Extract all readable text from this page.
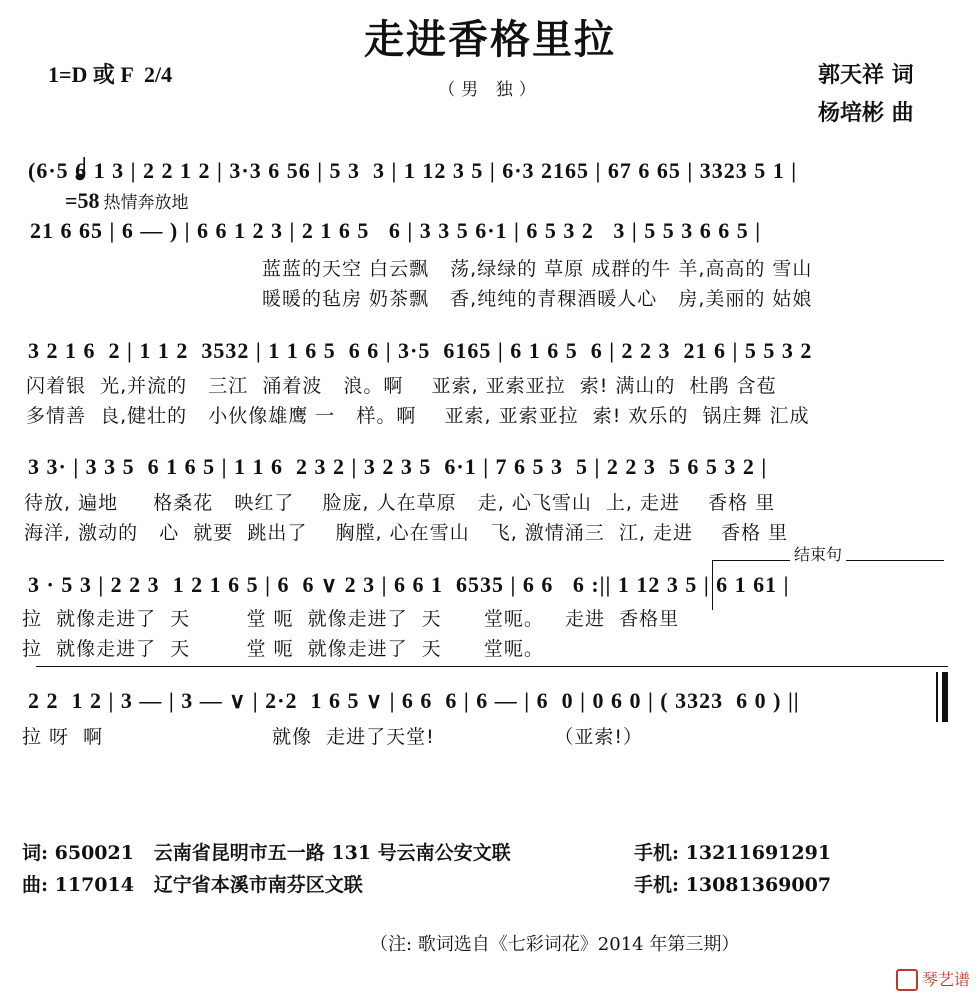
走进香格里拉
（男 独）
1=D 或 F  2/4

=58 热情奔放地

郭天祥 词
杨培彬 曲
(6·5 6 1 3 | 2 2 1 2 | 3·3 6 56 | 5 3  3 | 1 12 3 5 | 6·3 2165 | 67 6 65 | 3323 5 1 |
21 6 65 | 6 — ) | 6 6 1 2 3 | 2 1 6 5   6 | 3 3 5 6·1 | 6 5 3 2   3 | 5 5 3 6 6 5 |
蓝蓝的天空 白云飘   荡,绿绿的 草原 成群的牛 羊,高高的 雪山
暖暖的毡房 奶茶飘   香,纯纯的青稞酒暖人心   房,美丽的 姑娘
3 2 1 6  2 | 1 1 2  3532 | 1 1 6 5  6 6 | 3·5  6165 | 6 1 6 5  6 | 2 2 3  21 6 | 5 5 3 2
闪着银  光,并流的   三江  涌着波   浪。啊    亚索, 亚索亚拉  索! 满山的  杜鹃 含苞
多情善  良,健壮的   小伙像雄鹰 一   样。啊    亚索, 亚索亚拉  索! 欢乐的  锅庄舞 汇成
3 3· | 3 3 5  6 1 6 5 | 1 1 6  2 3 2 | 3 2 3 5  6·1 | 7 6 5 3  5 | 2 2 3  5 6 5 3 2 |
待放, 遍地     格桑花   映红了    脸庞, 人在草原   走, 心飞雪山  上, 走进    香格 里
海洋, 激动的   心  就要  跳出了    胸膛, 心在雪山   飞, 激情涌三  江, 走进    香格 里
结束句
3 · 5 3 | 2 2 3  1 2 1 6 5 | 6  6 ∨ 2 3 | 6 6 1  6535 | 6 6   6 :|| 1 12 3 5 | 6 1 61 |
拉  就像走进了  天        堂 呃  就像走进了  天      堂呃。   走进  香格里
拉  就像走进了  天        堂 呃  就像走进了  天      堂呃。
2 2  1 2 | 3 — | 3 — ∨ | 2·2  1 6 5 ∨ | 6 6  6 | 6 — | 6  0 | 0 6 0 | ( 3323  6 0 ) ||
拉 呀  啊                        就像  走进了天堂!                 （亚索!）
词: 650021   云南省昆明市五一路 131 号云南公安文联	手机: 13211691291
曲: 117014   辽宁省本溪市南芬区文联	手机: 13081369007
（注: 歌词选自《七彩词花》2014 年第三期）

琴艺谱
